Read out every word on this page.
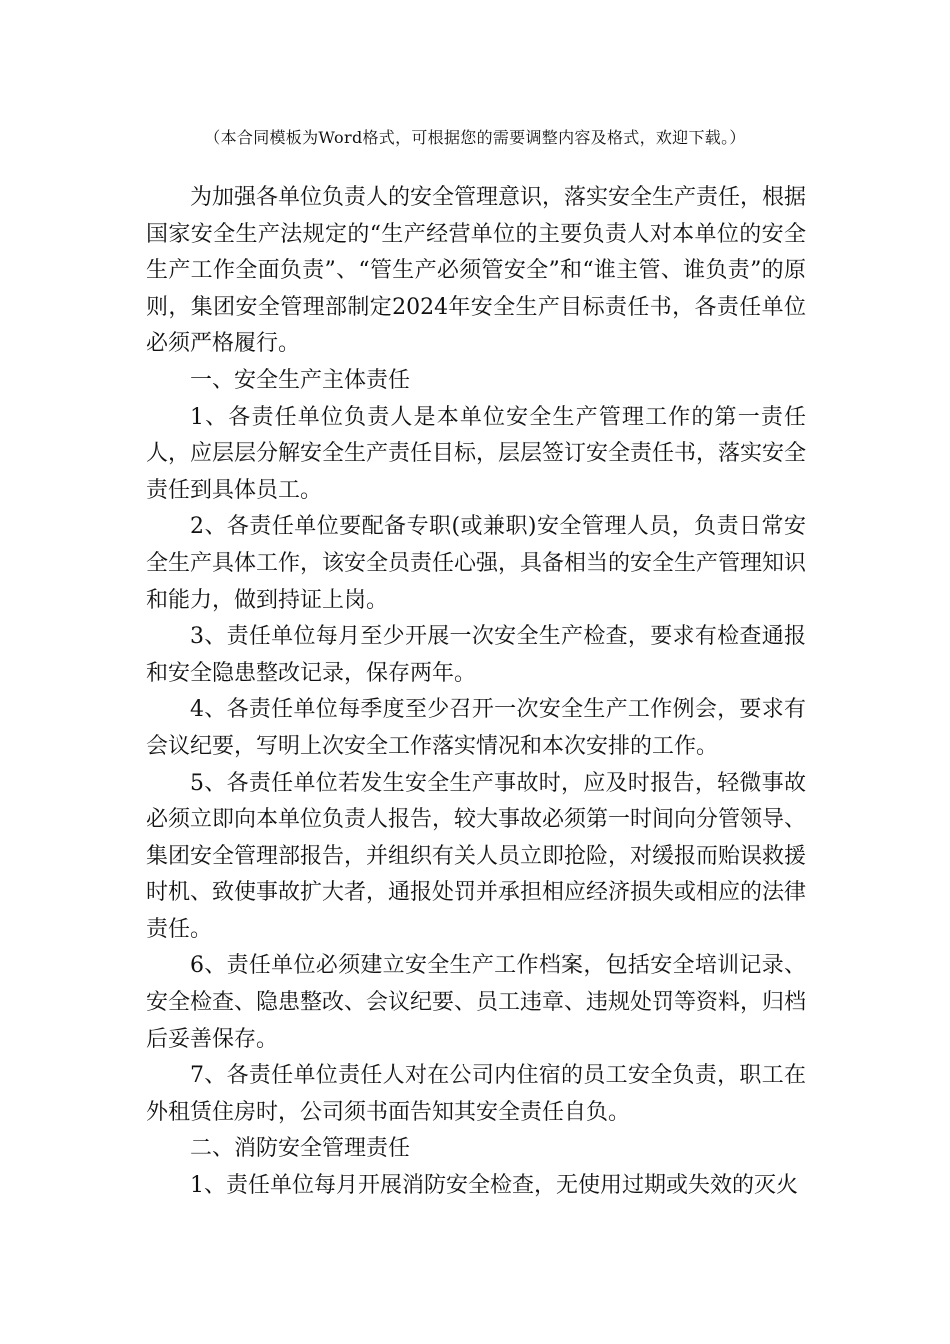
（本合同模板为Word格式，可根据您的需要调整内容及格式，欢迎下载。）

为加强各单位负责人的安全管理意识，落实安全生产责任，根据国家安全生产法规定的“生产经营单位的主要负责人对本单位的安全生产工作全面负责”、“管生产必须管安全”和“谁主管、谁负责”的原则，集团安全管理部制定2024年安全生产目标责任书，各责任单位必须严格履行。

一、安全生产主体责任

1、各责任单位负责人是本单位安全生产管理工作的第一责任人，应层层分解安全生产责任目标，层层签订安全责任书，落实安全责任到具体员工。

2、各责任单位要配备专职(或兼职)安全管理人员，负责日常安全生产具体工作，该安全员责任心强，具备相当的安全生产管理知识和能力，做到持证上岗。

3、责任单位每月至少开展一次安全生产检查，要求有检查通报和安全隐患整改记录，保存两年。

4、各责任单位每季度至少召开一次安全生产工作例会，要求有会议纪要，写明上次安全工作落实情况和本次安排的工作。

5、各责任单位若发生安全生产事故时，应及时报告，轻微事故必须立即向本单位负责人报告，较大事故必须第一时间向分管领导、集团安全管理部报告，并组织有关人员立即抢险，对缓报而贻误救援时机、致使事故扩大者，通报处罚并承担相应经济损失或相应的法律责任。

6、责任单位必须建立安全生产工作档案，包括安全培训记录、安全检查、隐患整改、会议纪要、员工违章、违规处罚等资料，归档后妥善保存。

7、各责任单位责任人对在公司内住宿的员工安全负责，职工在外租赁住房时，公司须书面告知其安全责任自负。

二、消防安全管理责任

1、责任单位每月开展消防安全检查，无使用过期或失效的灭火
